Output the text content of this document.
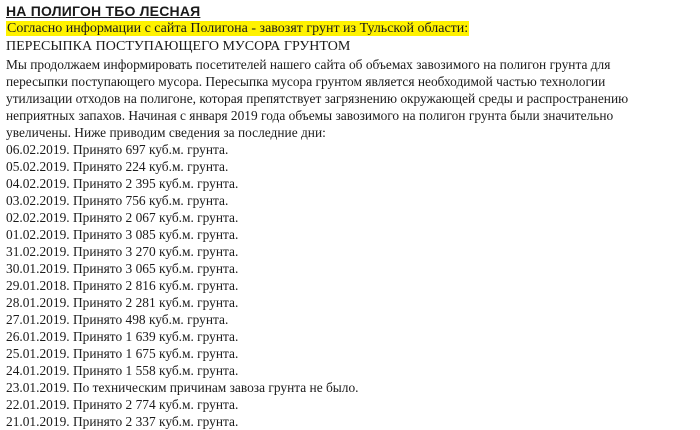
НА ПОЛИГОН ТБО ЛЕСНАЯ
Согласно информации с сайта Полигона - завозят грунт из Тульской области:
ПЕРЕСЫПКА ПОСТУПАЮЩЕГО МУСОРА ГРУНТОМ
Мы продолжаем информировать посетителей нашего сайта об объемах завозимого на полигон грунта для
пересыпки поступающего мусора. Пересыпка мусора грунтом является необходимой частью технологии
утилизации отходов на полигоне, которая препятствует загрязнению окружающей среды и распространению
неприятных запахов. Начиная с января 2019 года объемы завозимого на полигон грунта были значительно
увеличены. Ниже приводим сведения за последние дни:
06.02.2019. Принято 697 куб.м. грунта.
05.02.2019. Принято 224 куб.м. грунта.
04.02.2019. Принято 2 395 куб.м. грунта.
03.02.2019. Принято 756 куб.м. грунта.
02.02.2019. Принято 2 067 куб.м. грунта.
01.02.2019. Принято 3 085 куб.м. грунта.
31.02.2019. Принято 3 270 куб.м. грунта.
30.01.2019. Принято 3 065 куб.м. грунта.
29.01.2018. Принято 2 816 куб.м. грунта.
28.01.2019. Принято 2 281 куб.м. грунта.
27.01.2019. Принято 498 куб.м. грунта.
26.01.2019. Принято 1 639 куб.м. грунта.
25.01.2019. Принято 1 675 куб.м. грунта.
24.01.2019. Принято 1 558 куб.м. грунта.
23.01.2019. По техническим причинам завоза грунта не было.
22.01.2019. Принято 2 774 куб.м. грунта.
21.01.2019. Принято 2 337 куб.м. грунта.
